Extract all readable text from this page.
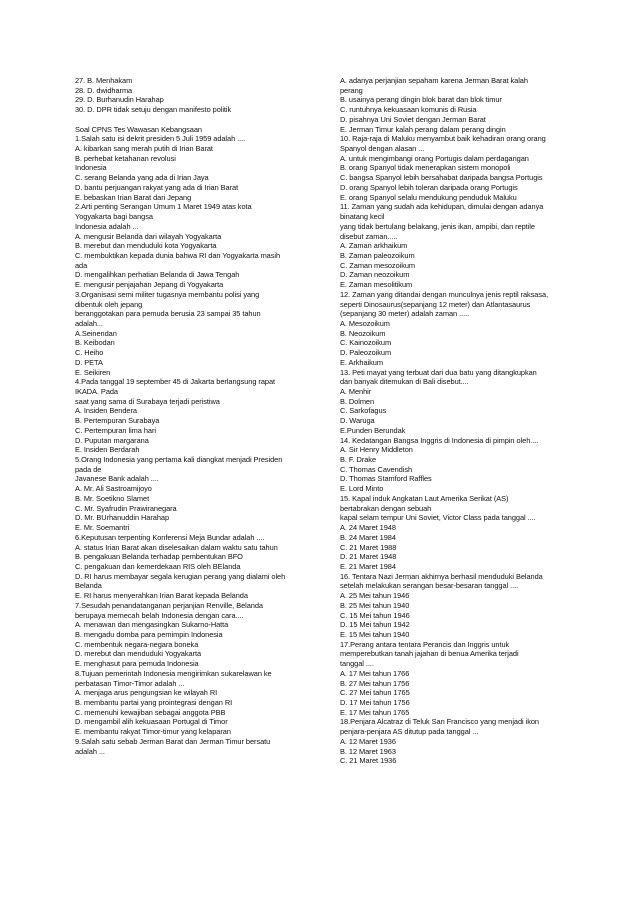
27. B. Menhakam
28. D. dwidharma
29. D. Burhanudin Harahap
30. D. DPR tidak setuju dengan manifesto politik
Soal CPNS Tes Wawasan Kebangsaan
1.Salah satu isi dekrit presiden 5 Juli 1959 adalah ....
A. kibarkan sang merah putih di Irian Barat
B. perhebat ketahanan revolusi
Indonesia
C. serang Belanda yang ada di Irian Jaya
D. bantu perjuangan rakyat yang ada di Irian Barat
E. bebaskan Irian Barat dari Jepang
2.Arti penting Serangan Umum 1 Maret 1949 atas kota
Yogyakarta bagi bangsa
Indonesia adalah ...
A. mengusir Belanda dari wilayah Yogyakarta
B. merebut dan menduduki kota Yogyakarta
C. membuktikan kepada dunia bahwa RI dan Yogyakarta masih
ada
D. mengalihkan perhatian Belanda di Jawa Tengah
E. mengusir penjajahan Jepang di Yogyakarta
3.Organisasi semi militer tugasnya membantu polisi yang
dibentuk oleh jepang
beranggotakan para pemuda berusia 23 sampai 35 tahun
adalah...
A.Seinendan
B. Keibodan
C. Heiho
D. PETA
E. Seikiren
4.Pada tanggal 19 september 45 di Jakarta berlangsung rapat
IKADA. Pada
saat yang sama di Surabaya terjadi peristiwa
A. Insiden Bendera
B. Pertempuran Surabaya
C. Pertempuran lima hari
D. Puputan margarana
E. Insiden Berdarah
5.Orang Indonesia yang pertama kali diangkat menjadi Presiden
pada de
Javanese Bank adalah ....
A. Mr. Ali Sastroamijoyo
B. Mr. Soetikno Slamet
C. Mr. Syafrudin Prawiranegara
D. Mr. BUrhanuddin Harahap
E. Mr. Soemantri
6.Keputusan terpenting Konferensi Meja Bundar adalah ....
A. status Irian Barat akan diselesaikan dalam waktu satu tahun
B. pengakuan Belanda terhadap pembentukan BFO
C. pengakuan dan kemerdekaan RIS oleh BElanda
D. RI harus membayar segala kerugian perang yang dialami oleh
Belanda
E. RI harus menyerahkan Irian Barat kepada Belanda
7.Sesudah penandatanganan perjanjian Renville, Belanda
berupaya memecah belah Indonesia dengan cara....
A. menawan dan mengasingkan Sukarno-Hatta
B. mengadu domba para pemimpin Indonesia
C. membentuk negara-negara boneka
D. merebut dan menduduki Yogyakarta
E. menghasut para pemuda Indonesia
8.Tujuan pemerintah Indonesia mengirimkan sukarelawan ke
perbatasan Timor-Timor adalah ...
A. menjaga arus pengungsian ke wilayah RI
B. membantu partai yang prointegrasi dengan RI
C. memenuhi kewajiban sebagai anggota PBB
D. mengambil alih kekuasaan Portugal di Timor
E. membantu rakyat Timor-timur yang kelaparan
9.Salah satu sebab Jerman Barat dan Jerman Timur bersatu
adalah ...
A. adanya perjanjian sepaham karena Jerman Barat kalah
perang
B. usainya perang dingin blok barat dan blok timur
C. runtuhnya kekuasaan komunis di Rusia
D. pisahnya Uni Soviet dengan Jerman Barat
E. Jerman Timur kalah perang dalam perang dingin
10. Raja-raja di Maluku menyambut baik kehadiran orang orang
Spanyol dengan alasan ...
A. untuk mengimbangi orang Portugis dalam perdagangan
B. orang Spanyol tidak menerapkan sistem monopoli
C. bangsa Spanyol lebih bersahabat daripada bangsa Portugis
D. orang Spanyol lebih toleran daripada orang Portugis
E. orang Spanyol selalu mendukung penduduk Maluku
11. Zaman yang sudah ada kehidupan, dimulai dengan adanya
binatang kecil
yang tidak bertulang belakang, jenis ikan, ampibi, dan reptile
disebut zaman.....
A. Zaman arkhaikum
B. Zaman paleozoikum
C. Zaman mesozoikum
D. Zaman neozoikum
E. Zaman mesolitikum
12. Zaman yang ditandai dengan munculnya jenis reptil raksasa,
seperti Dinosaurus(sepanjang 12 meter) dan Atlantasaurus
(sepanjang 30 meter) adalah zaman .....
A. Mesozoikum
B. Neozoikum
C. Kainozoikum
D. Paleozoikum
E. Arkhaikum
13. Peti mayat yang terbuat dari dua batu yang ditangkupkan
dan banyak ditemukan di Bali disebut....
A. Menhir
B. Dolmen
C. Sarkofagus
D. Waruga
E.Punden Berundak
14. Kedatangan Bangsa Inggris di Indonesia di pimpin oleh....
A. Sir Henry Middleton
B. F. Drake
C. Thomas Cavendish
D. Thomas Stamford Raffles
E. Lord Minto
15. Kapal induk Angkatan Laut Amerika Serikat (AS)
bertabrakan dengan sebuah
kapal selam tempur Uni Soviet, Victor Class pada tanggal ....
A. 24 Maret 1948
B. 24 Maret 1984
C. 21 Maret 1988
D. 21 Maret 1948
E. 21 Maret 1984
16. Tentara Nazi Jerman akhirnya berhasil menduduki Belanda
setelah melakukan serangan besar-besaran tanggal ....
A. 25 Mei tahun 1946
B. 25 Mei tahun 1940
C. 15 Mei tahun 1946
D. 15 Mei tahun 1942
E. 15 Mei tahun 1940
17.Perang antara tentara Perancis dan Inggris untuk
memperebutkan tanah jajahan di benua Amerika terjadi
tanggal ....
A. 17 Mei tahun 1766
B. 27 Mei tahun 1756
C. 27 Mei tahun 1765
D. 17 Mei tahun 1756
E. 17 Mei tahun 1765
18.Penjara Alcatraz di Teluk San Francisco yang menjadi ikon
penjara-penjara AS ditutup pada tanggal ...
A. 12 Maret 1936
B. 12 Maret 1963
C. 21 Maret 1936
